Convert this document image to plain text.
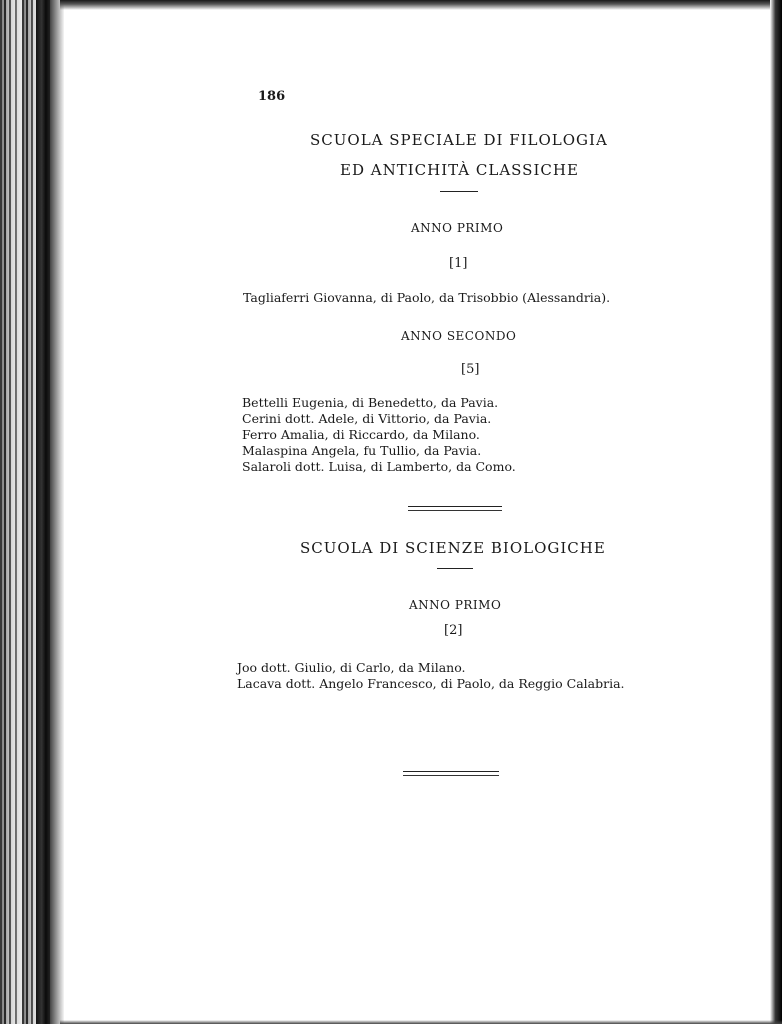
186
SCUOLA SPECIALE DI FILOLOGIA
ED ANTICHITÀ CLASSICHE
ANNO PRIMO
[1]
Tagliaferri Giovanna, di Paolo, da Trisobbio (Alessandria).
ANNO SECONDO
[5]
Bettelli Eugenia, di Benedetto, da Pavia.
Cerini dott. Adele, di Vittorio, da Pavia.
Ferro Amalia, di Riccardo, da Milano.
Malaspina Angela, fu Tullio, da Pavia.
Salaroli dott. Luisa, di Lamberto, da Como.
SCUOLA DI SCIENZE BIOLOGICHE
ANNO PRIMO
[2]
Joo dott. Giulio, di Carlo, da Milano.
Lacava dott. Angelo Francesco, di Paolo, da Reggio Calabria.
